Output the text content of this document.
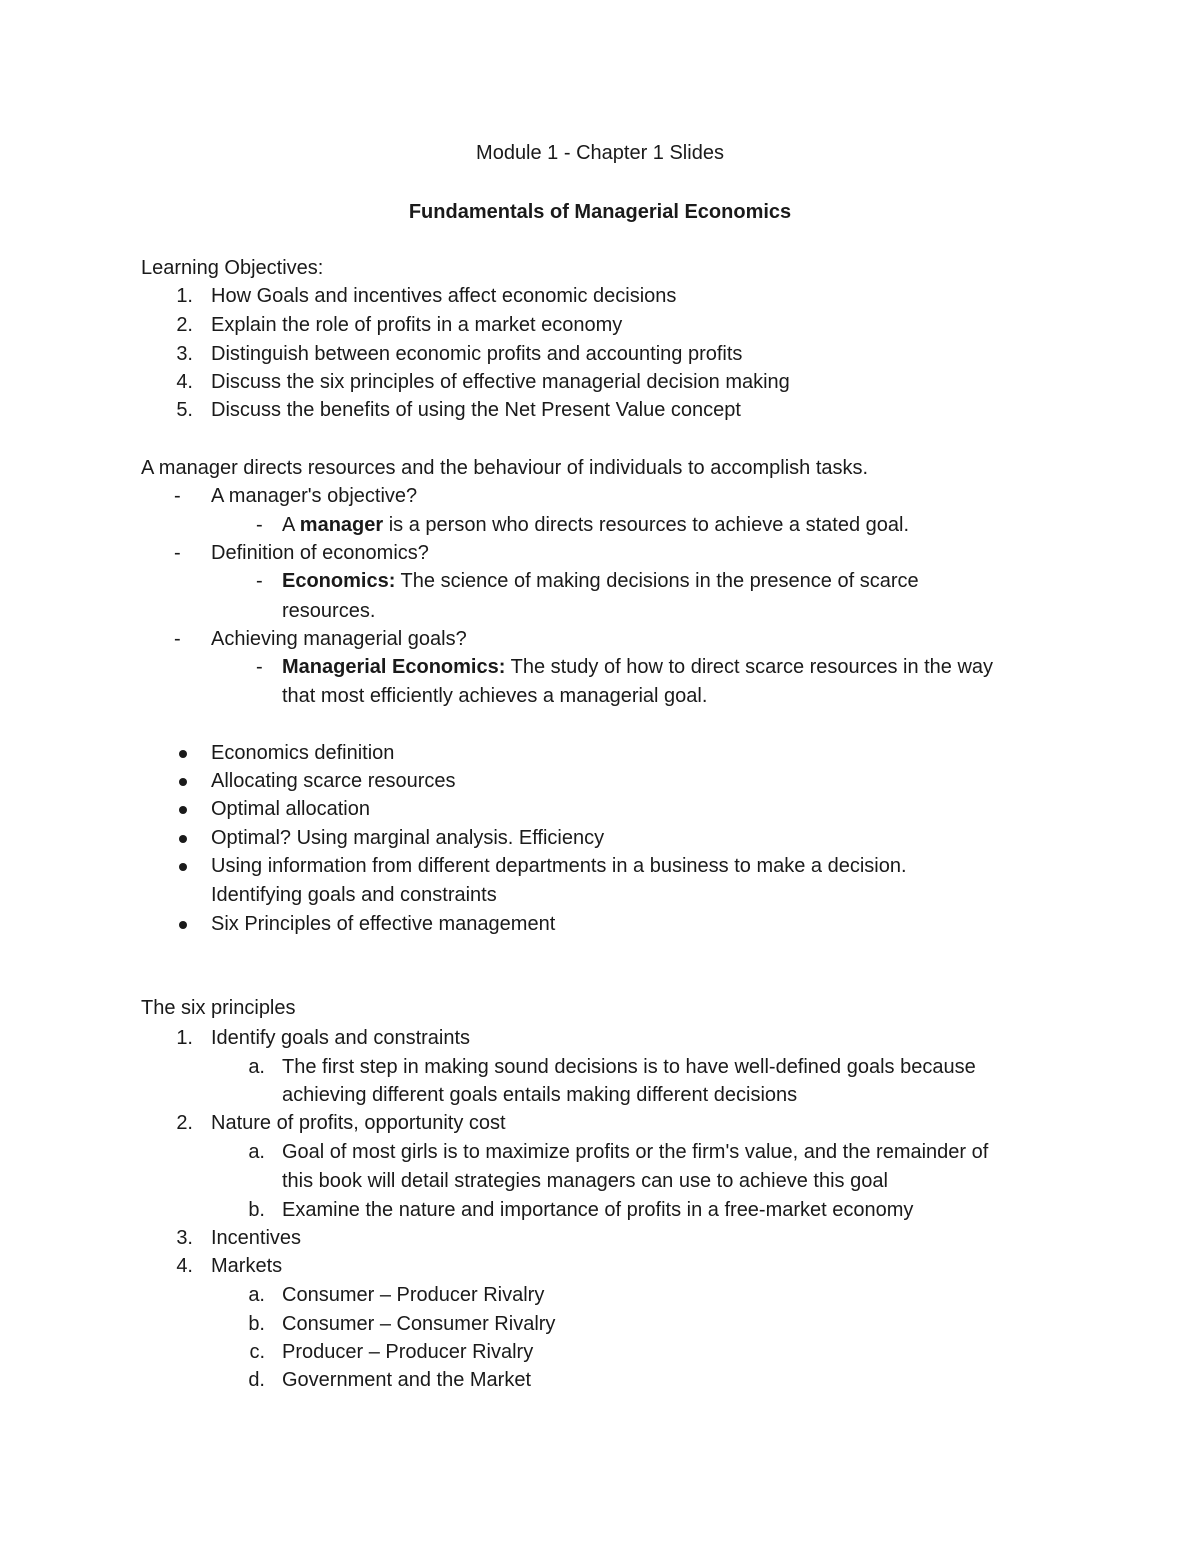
Module 1 - Chapter 1 Slides
Fundamentals of Managerial Economics
Learning Objectives:
1. How Goals and incentives affect economic decisions
2. Explain the role of profits in a market economy
3. Distinguish between economic profits and accounting profits
4. Discuss the six principles of effective managerial decision making
5. Discuss the benefits of using the Net Present Value concept
A manager directs resources and the behaviour of individuals to accomplish tasks.
-	A manager's objective?
- A manager is a person who directs resources to achieve a stated goal.
-	Definition of economics?
- Economics: The science of making decisions in the presence of scarce
resources.
-	Achieving managerial goals?
- Managerial Economics: The study of how to direct scarce resources in the way
that most efficiently achieves a managerial goal.
Economics definition
Allocating scarce resources
Optimal allocation
Optimal? Using marginal analysis. Efficiency
Using information from different departments in a business to make a decision.
Identifying goals and constraints
Six Principles of effective management
The six principles
1. Identify goals and constraints
a. The first step in making sound decisions is to have well-defined goals because
achieving different goals entails making different decisions
2. Nature of profits, opportunity cost
a. Goal of most girls is to maximize profits or the firm's value, and the remainder of
this book will detail strategies managers can use to achieve this goal
b. Examine the nature and importance of profits in a free-market economy
3. Incentives
4. Markets
a. Consumer – Producer Rivalry
b. Consumer – Consumer Rivalry
c. Producer – Producer Rivalry
d. Government and the Market
